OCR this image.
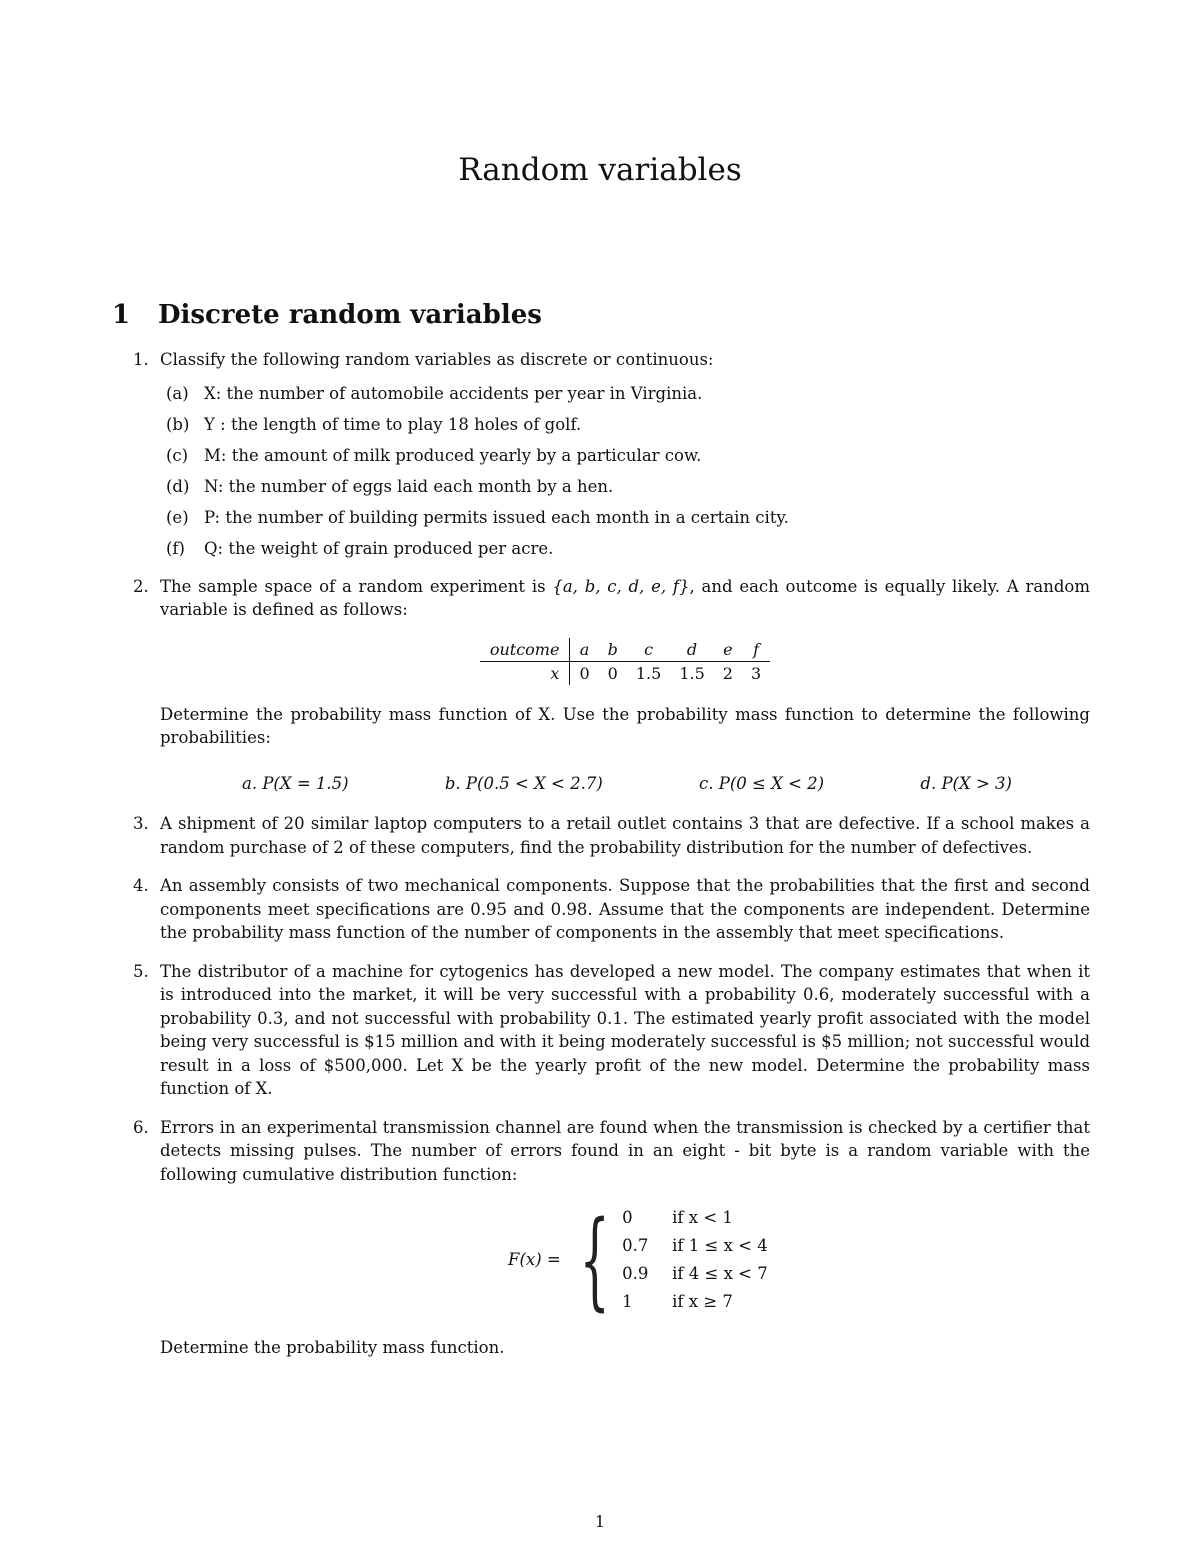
Random variables
1 Discrete random variables
1. Classify the following random variables as discrete or continuous:

(a) X: the number of automobile accidents per year in Virginia.
(b) Y : the length of time to play 18 holes of golf.
(c) M: the amount of milk produced yearly by a particular cow.
(d) N: the number of eggs laid each month by a hen.
(e) P: the number of building permits issued each month in a certain city.
(f) Q: the weight of grain produced per acre.
2. The sample space of a random experiment is {a, b, c, d, e, f}, and each outcome is equally likely. A random variable is defined as follows:

outcome	a	b	c	d	e	f
x	0	0	1.5	1.5	2	3

Determine the probability mass function of X. Use the probability mass function to determine the following probabilities:

a. P(X = 1.5)	b. P(0.5 < X < 2.7)	c. P(0 ≤ X < 2)	d. P(X > 3)
3. A shipment of 20 similar laptop computers to a retail outlet contains 3 that are defective. If a school makes a random purchase of 2 of these computers, find the probability distribution for the number of defectives.

4. An assembly consists of two mechanical components. Suppose that the probabilities that the first and second components meet specifications are 0.95 and 0.98. Assume that the components are independent. Determine the probability mass function of the number of components in the assembly that meet specifications.

5. The distributor of a machine for cytogenics has developed a new model. The company estimates that when it is introduced into the market, it will be very successful with a probability 0.6, moderately successful with a probability 0.3, and not successful with probability 0.1. The estimated yearly profit associated with the model being very successful is $15 million and with it being moderately successful is $5 million; not successful would result in a loss of $500,000. Let X be the yearly profit of the new model. Determine the probability mass function of X.

6. Errors in an experimental transmission channel are found when the transmission is checked by a certifier that detects missing pulses. The number of errors found in an eight - bit byte is a random variable with the following cumulative distribution function:

F(x) = { 0	if x < 1
0.7	if 1 ≤ x < 4
0.9	if 4 ≤ x < 7
1	if x ≥ 7

Determine the probability mass function.

1
